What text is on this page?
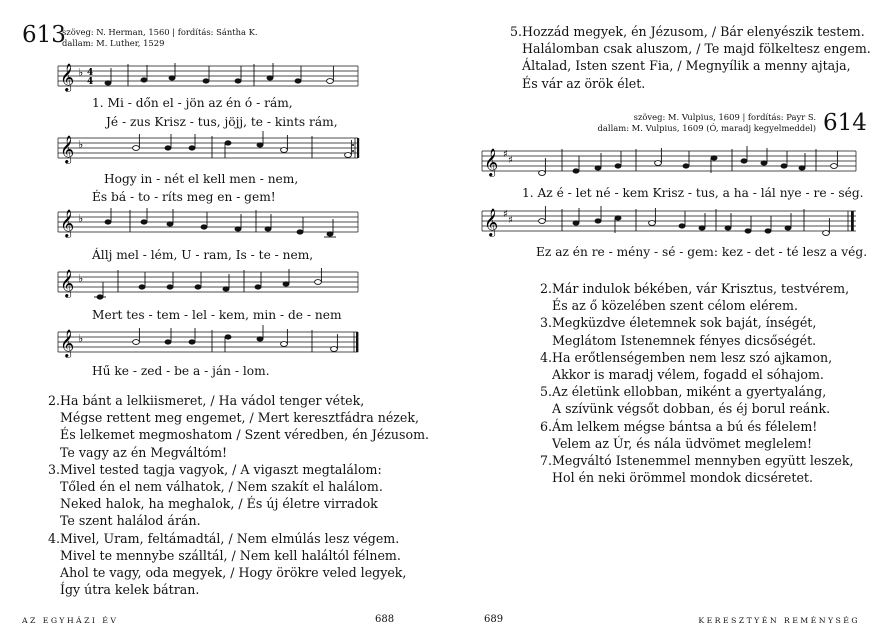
613
szöveg: N. Herman, 1560 | fordítás: Sántha K.
dallam: M. Luther, 1529
𝄞 ♭ 4
4
1. Mi - dőn el - jön az én ó - rám,
Jé - zus Krisz - tus, jöjj, te - kints rám,
𝄞 ♭
Hogy in - nét el kell men - nem,
És bá - to - ríts meg en - gem!
𝄞 ♭
Állj mel - lém, U - ram, Is - te - nem,
𝄞 ♭
Mert tes - tem - lel - kem, min - de - nem
𝄞 ♭
Hű ke - zed - be a - ján - lom.
2.Ha bánt a lelkiismeret, / Ha vádol tenger vétek,
Mégse rettent meg engemet, / Mert keresztfádra nézek,
És lelkemet megmoshatom / Szent véredben, én Jézusom.
Te vagy az én Megváltóm!
3.Mivel tested tagja vagyok, / A vigaszt megtalálom:
Tőled én el nem válhatok, / Nem szakít el halálom.
Neked halok, ha meghalok, / És új életre virradok
Te szent halálod árán.
4.Mivel, Uram, feltámadtál, / Nem elmúlás lesz végem.
Mivel te mennybe szálltál, / Nem kell haláltól félnem.
Ahol te vagy, oda megyek, / Hogy örökre veled legyek,
Így útra kelek bátran.
AZ EGYHÁZI ÉV	688
5.Hozzád megyek, én Jézusom, / Bár elenyészik testem.
Halálomban csak aluszom, / Te majd fölkeltesz engem.
Általad, Isten szent Fia, / Megnyílik a menny ajtaja,
És vár az örök élet.
szöveg: M. Vulpius, 1609 | fordítás: Payr S.
dallam: M. Vulpius, 1609 (Ó, maradj kegyelmeddel) 614
𝄞 ♯
♯
1. Az é - let né - kem Krisz - tus, a ha - lál nye - re - ség.
𝄞 ♯
♯
Ez az én re - mény - sé - gem: kez - det - té lesz a vég.
2.Már indulok békében, vár Krisztus, testvérem,
És az ő közelében szent célom elérem.
3.Megküzdve életemnek sok baját, ínségét,
Meglátom Istenemnek fényes dicsőségét.
4.Ha erőtlenségemben nem lesz szó ajkamon,
Akkor is maradj vélem, fogadd el sóhajom.
5.Az életünk ellobban, miként a gyertyaláng,
A szívünk végsőt dobban, és éj borul reánk.
6.Ám lelkem mégse bántsa a bú és félelem!
Velem az Úr, és nála üdvömet meglelem!
7.Megváltó Istenemmel mennyben együtt leszek,
Hol én neki örömmel mondok dicséretet.
689	KERESZTYÉN REMÉNYSÉG
